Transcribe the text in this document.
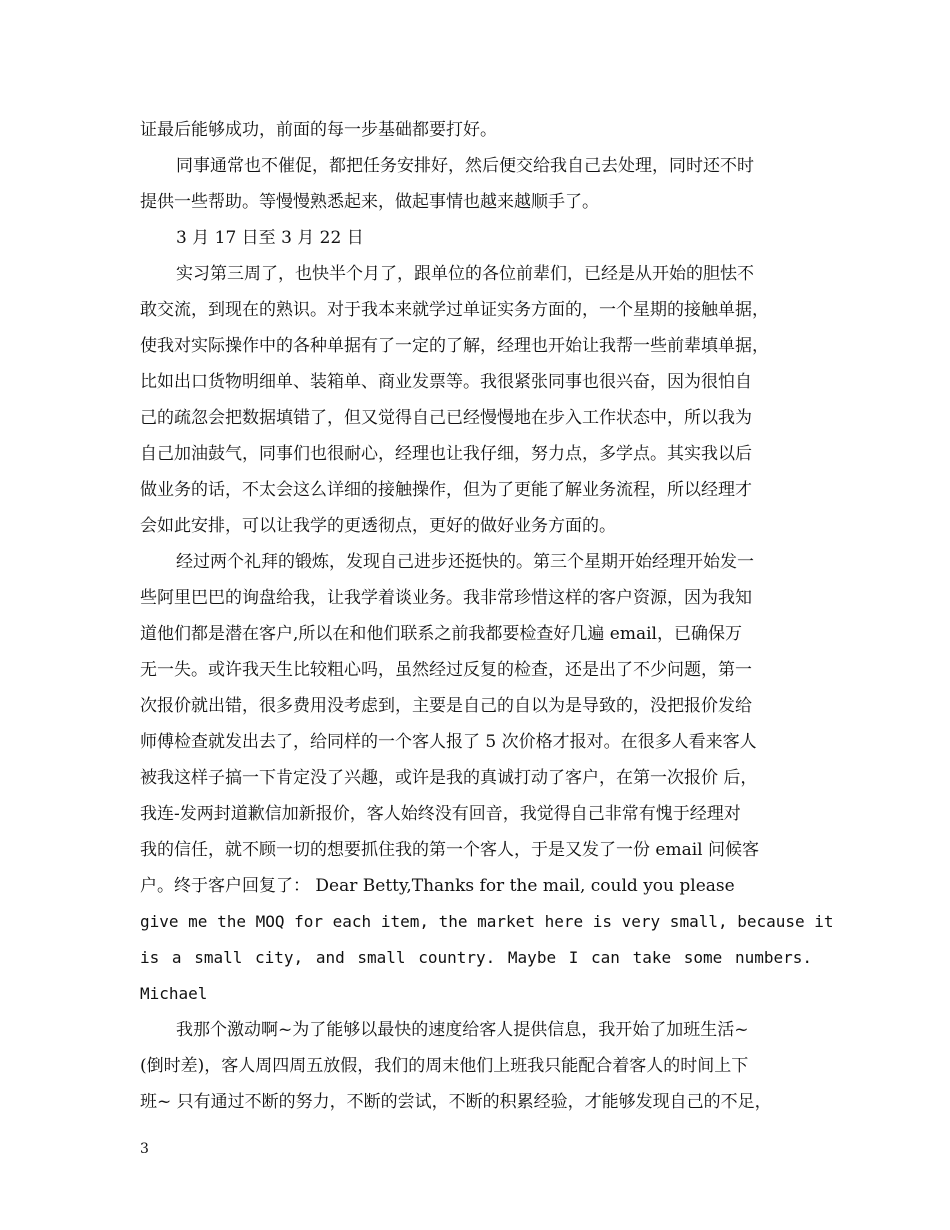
证最后能够成功，前面的每一步基础都要打好。
同事通常也不催促，都把任务安排好，然后便交给我自己去处理，同时还不时
提供一些帮助。等慢慢熟悉起来，做起事情也越来越顺手了。
3 月 17 日至 3 月 22 日
实习第三周了，也快半个月了，跟单位的各位前辈们，已经是从开始的胆怯不
敢交流，到现在的熟识。对于我本来就学过单证实务方面的，一个星期的接触单据，
使我对实际操作中的各种单据有了一定的了解，经理也开始让我帮一些前辈填单据，
比如出口货物明细单、装箱单、商业发票等。我很紧张同事也很兴奋，因为很怕自
己的疏忽会把数据填错了，但又觉得自己已经慢慢地在步入工作状态中，所以我为
自己加油鼓气，同事们也很耐心，经理也让我仔细，努力点，多学点。其实我以后
做业务的话，不太会这么详细的接触操作，但为了更能了解业务流程，所以经理才
会如此安排，可以让我学的更透彻点，更好的做好业务方面的。
经过两个礼拜的锻炼，发现自己进步还挺快的。第三个星期开始经理开始发一
些阿里巴巴的询盘给我，让我学着谈业务。我非常珍惜这样的客户资源，因为我知
道他们都是潜在客户,所以在和他们联系之前我都要检查好几遍 email，已确保万
无一失。或许我天生比较粗心吗，虽然经过反复的检查，还是出了不少问题，第一
次报价就出错，很多费用没考虑到，主要是自己的自以为是导致的，没把报价发给
师傅检查就发出去了，给同样的一个客人报了 5 次价格才报对。在很多人看来客人
被我这样子搞一下肯定没了兴趣，或许是我的真诚打动了客户，在第一次报价 后，
我连-发两封道歉信加新报价，客人始终没有回音，我觉得自己非常有愧于经理对
我的信任，就不顾一切的想要抓住我的第一个客人，于是又发了一份 email 问候客
户。终于客户回复了： Dear Betty,Thanks for the mail, could you please
give me the MOQ for each item, the market here is very small, because it
is a small city, and small country. Maybe I can take some numbers.
Michael
我那个激动啊~为了能够以最快的速度给客人提供信息，我开始了加班生活~
(倒时差)，客人周四周五放假，我们的周末他们上班我只能配合着客人的时间上下
班~ 只有通过不断的努力，不断的尝试，不断的积累经验，才能够发现自己的不足，
3
